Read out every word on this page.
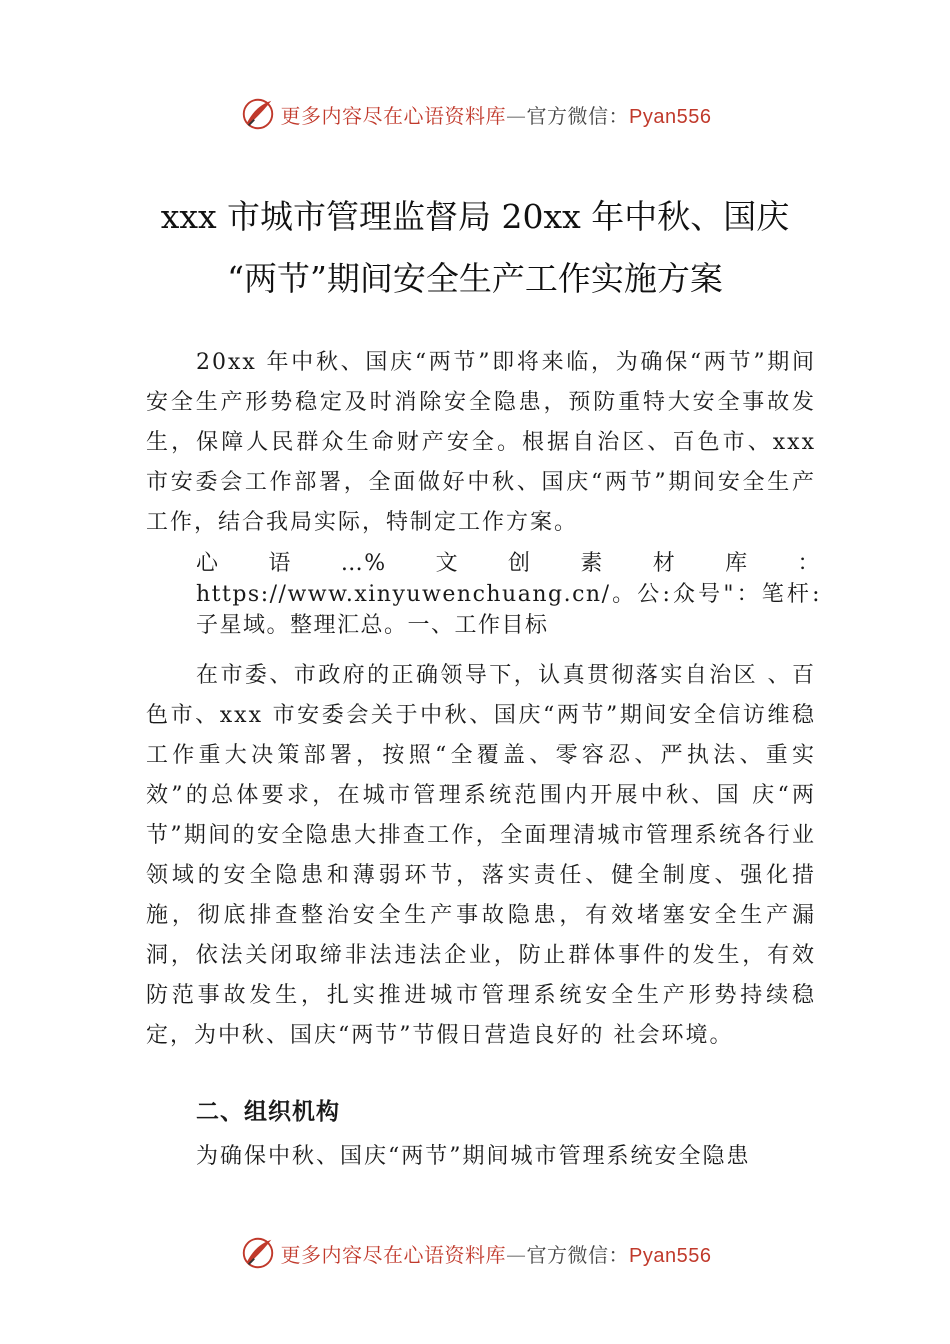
更多内容尽在心语资料库—官方微信：Pyan556
xxx 市城市管理监督局 20xx 年中秋、国庆
“两节”期间安全生产工作实施方案
20xx 年中秋、国庆“两节”即将来临，为确保“两节”期间安全生产形势稳定及时消除安全隐患，预防重特大安全事故发生，保障人民群众生命财产安全。根据自治区、百色市、xxx 市安委会工作部署，全面做好中秋、国庆“两节”期间安全生产工作，结合我局实际，特制定工作方案。
心语…%文创素材库：https://www.xinyuwenchuang.cn/。公:众号"：笔杆:子星域。整理汇总。一、工作目标
在市委、市政府的正确领导下，认真贯彻落实自治区 、百色市、xxx 市安委会关于中秋、国庆“两节”期间安全信访维稳工作重大决策部署，按照“全覆盖、零容忍、严执法、重实效”的总体要求，在城市管理系统范围内开展中秋、国 庆“两节”期间的安全隐患大排查工作，全面理清城市管理系统各行业领域的安全隐患和薄弱环节，落实责任、健全制度、强化措施，彻底排查整治安全生产事故隐患，有效堵塞安全生产漏洞，依法关闭取缔非法违法企业，防止群体事件的发生，有效防范事故发生，扎实推进城市管理系统安全生产形势持续稳定，为中秋、国庆“两节”节假日营造良好的 社会环境。
二、组织机构
为确保中秋、国庆“两节”期间城市管理系统安全隐患
更多内容尽在心语资料库—官方微信：Pyan556
